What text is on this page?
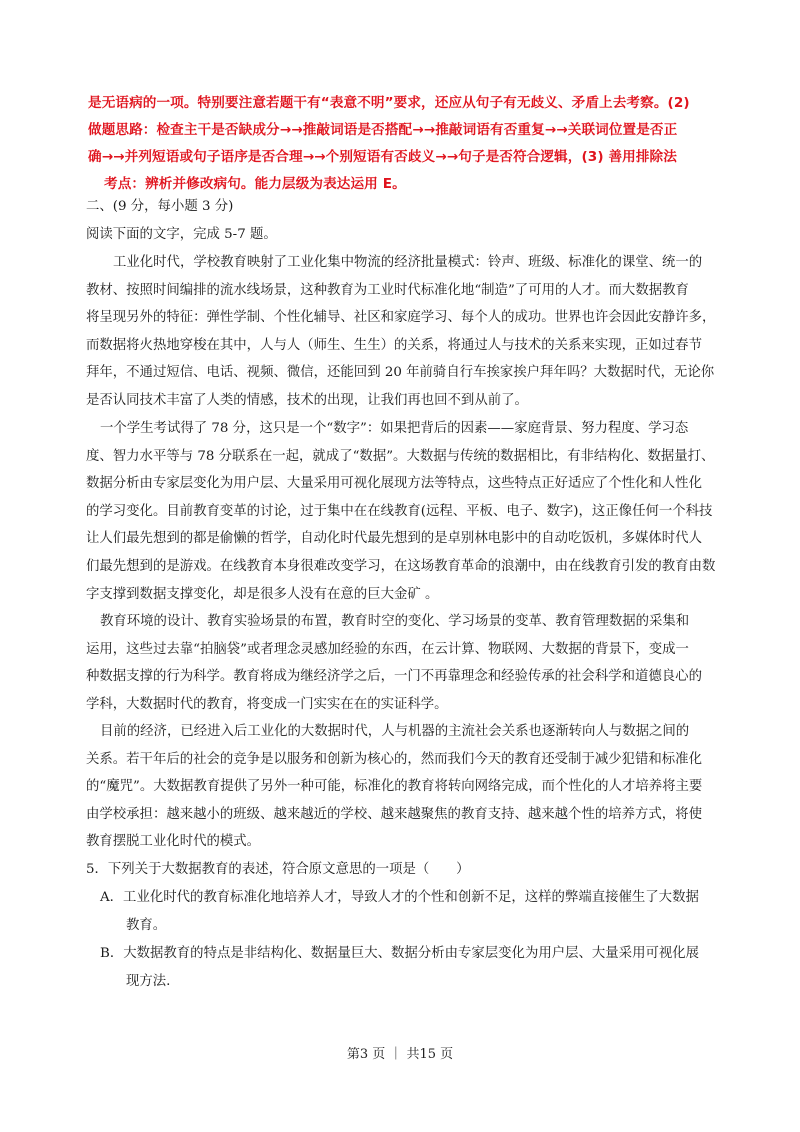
是无语病的一项。特别要注意若题干有“表意不明”要求，还应从句子有无歧义、矛盾上去考察。(2)
做题思路：检查主干是否缺成分→→推敲词语是否搭配→→推敲词语有否重复→→关联词位置是否正
确→→并列短语或句子语序是否合理→→个别短语有否歧义→→句子是否符合逻辑，(3) 善用排除法
考点：辨析并修改病句。能力层级为表达运用 E。
二、(9 分，每小题 3 分)
阅读下面的文字，完成 5-7 题。
工业化时代，学校教育映射了工业化集中物流的经济批量模式：铃声、班级、标准化的课堂、统一的
教材、按照时间编排的流水线场景，这种教育为工业时代标准化地“制造”了可用的人才。而大数据教育
将呈现另外的特征：弹性学制、个性化辅导、社区和家庭学习、每个人的成功。世界也许会因此安静许多，
而数据将火热地穿梭在其中，人与人（师生、生生）的关系，将通过人与技术的关系来实现，正如过春节
拜年，不通过短信、电话、视频、微信，还能回到 20 年前骑自行车挨家挨户拜年吗？大数据时代，无论你
是否认同技术丰富了人类的情感，技术的出现，让我们再也回不到从前了。
一个学生考试得了 78 分，这只是一个“数字”：如果把背后的因素——家庭背景、努力程度、学习态
度、智力水平等与 78 分联系在一起，就成了“数据”。大数据与传统的数据相比，有非结构化、数据量打、
数据分析由专家层变化为用户层、大量采用可视化展现方法等特点，这些特点正好适应了个性化和人性化
的学习变化。目前教育变革的讨论，过于集中在在线教育(远程、平板、电子、数字)，这正像任何一个科技
让人们最先想到的都是偷懒的哲学，自动化时代最先想到的是卓别林电影中的自动吃饭机，多媒体时代人
们最先想到的是游戏。在线教育本身很难改变学习，在这场教育革命的浪潮中，由在线教育引发的教育由数
字支撑到数据支撑变化，却是很多人没有在意的巨大金矿 。
教育环境的设计、教育实验场景的布置，教育时空的变化、学习场景的变革、教育管理数据的采集和
运用，这些过去靠“拍脑袋”或者理念灵感加经验的东西，在云计算、物联网、大数据的背景下，变成一
种数据支撑的行为科学。教育将成为继经济学之后，一门不再靠理念和经验传承的社会科学和道德良心的
学科，大数据时代的教育，将变成一门实实在在的实证科学。
目前的经济，已经进入后工业化的大数据时代，人与机器的主流社会关系也逐渐转向人与数据之间的
关系。若干年后的社会的竞争是以服务和创新为核心的，然而我们今天的教育还受制于减少犯错和标准化
的“魔咒”。大数据教育提供了另外一种可能，标准化的教育将转向网络完成，而个性化的人才培养将主要
由学校承担：越来越小的班级、越来越近的学校、越来越聚焦的教育支持、越来越个性的培养方式，将使
教育摆脱工业化时代的模式。
5．下列关于大数据教育的表述，符合原文意思的一项是（　　）
A．工业化时代的教育标准化地培养人才，导致人才的个性和创新不足，这样的弊端直接催生了大数据
教育。
B．大数据教育的特点是非结构化、数据量巨大、数据分析由专家层变化为用户层、大量采用可视化展
现方法.
第3 页 ｜ 共15 页
